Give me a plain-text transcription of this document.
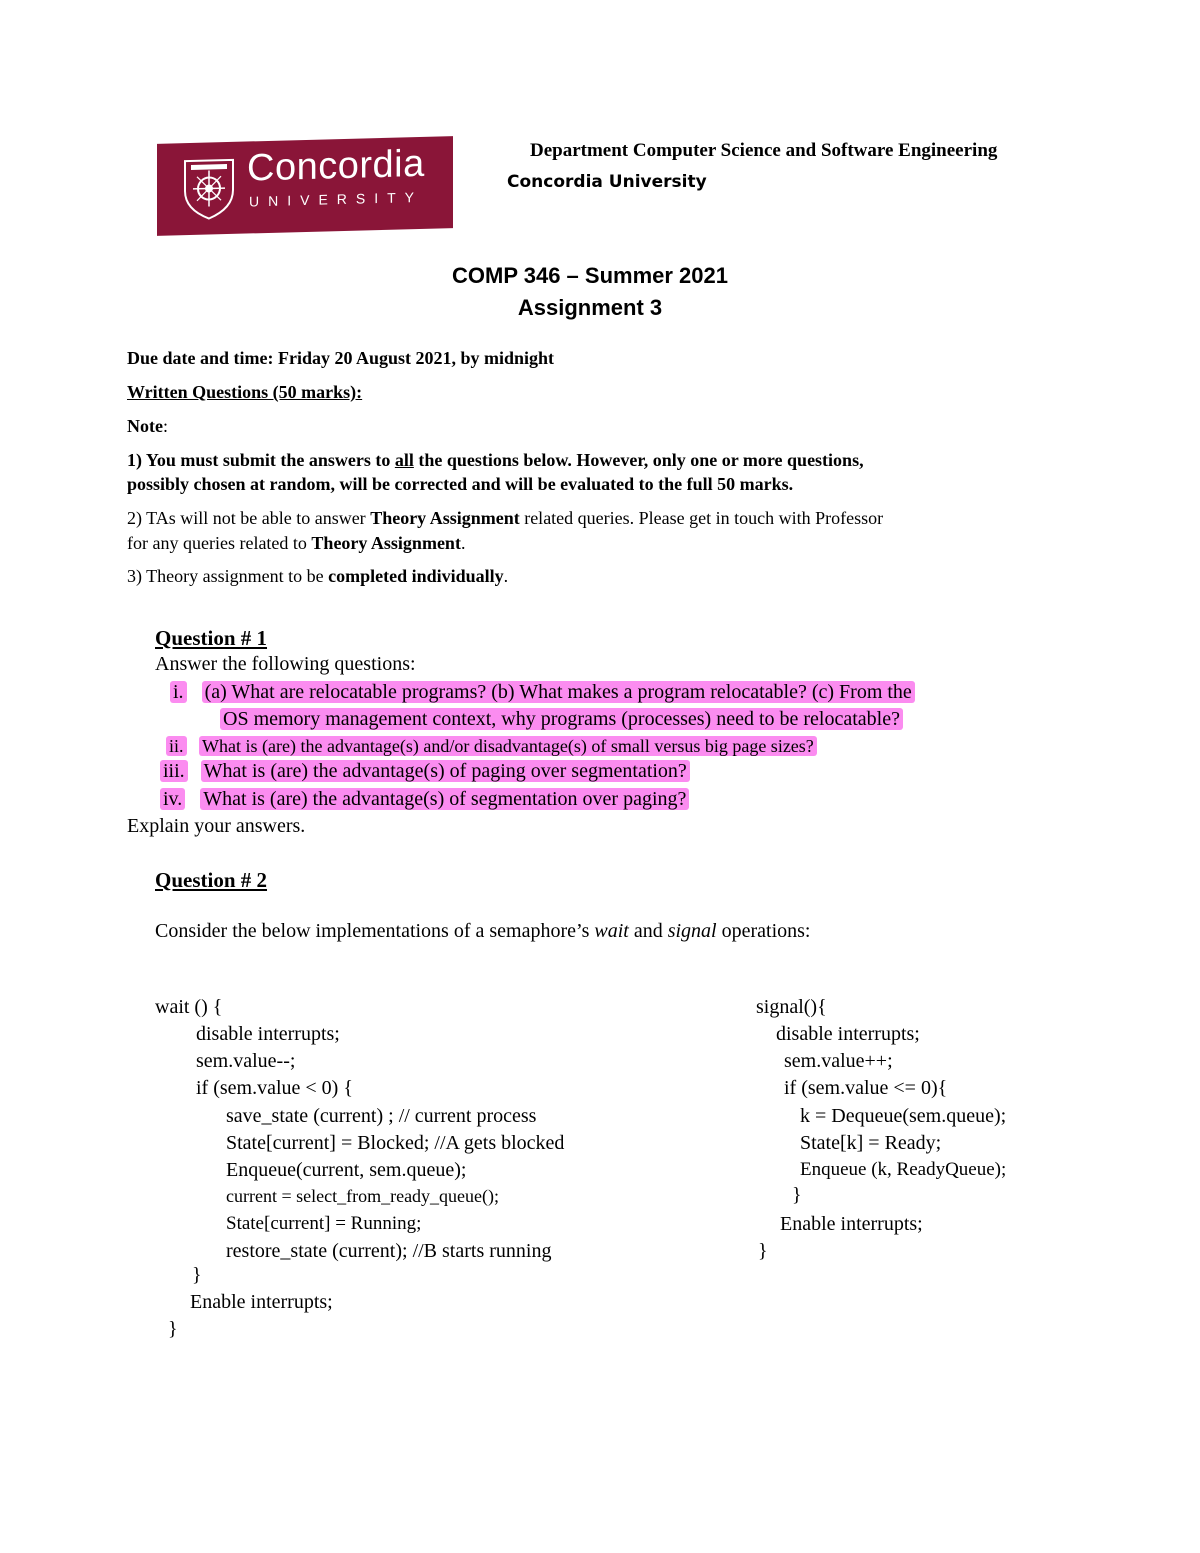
Concordia
UNIVERSITY
Department Computer Science and Software Engineering
Concordia University
COMP 346 – Summer 2021
Assignment 3
Due date and time: Friday 20 August 2021, by midnight
Written Questions (50 marks):
Note:
1) You must submit the answers to all the questions below. However, only one or more questions,
possibly chosen at random, will be corrected and will be evaluated to the full 50 marks.
2) TAs will not be able to answer Theory Assignment related queries. Please get in touch with Professor
for any queries related to Theory Assignment.
3) Theory assignment to be completed individually.
Question # 1
Answer the following questions:
i. (a) What are relocatable programs? (b) What makes a program relocatable? (c) From the
OS memory management context, why programs (processes) need to be relocatable?
ii. What is (are) the advantage(s) and/or disadvantage(s) of small versus big page sizes?
iii. What is (are) the advantage(s) of paging over segmentation?
iv. What is (are) the advantage(s) of segmentation over paging?
Explain your answers.
Question # 2
Consider the below implementations of a semaphore’s wait and signal operations:
wait () {
disable interrupts;
sem.value--;
if (sem.value < 0) {
save_state (current) ; // current process
State[current] = Blocked; //A gets blocked
Enqueue(current, sem.queue);
current = select_from_ready_queue();
State[current] = Running;
restore_state (current); //B starts running
}
Enable interrupts;
}
signal(){
disable interrupts;
sem.value++;
if (sem.value <= 0){
k = Dequeue(sem.queue);
State[k] = Ready;
Enqueue (k, ReadyQueue);
}
Enable interrupts;
}
